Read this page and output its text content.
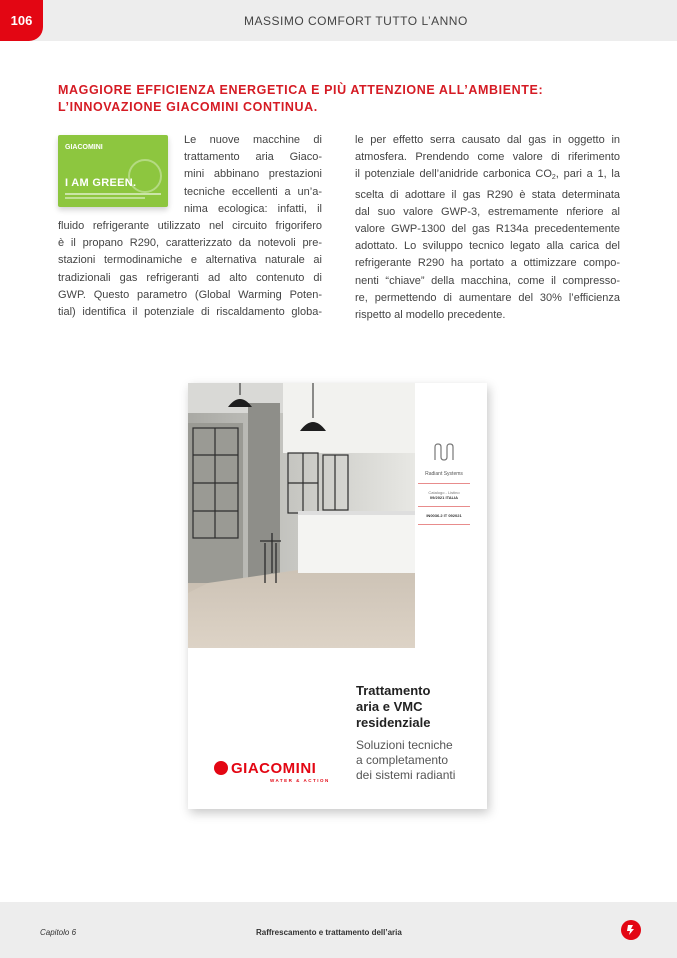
106	MASSIMO COMFORT TUTTO L’ANNO
MAGGIORE EFFICIENZA ENERGETICA E PIÙ ATTENZIONE ALL’AMBIENTE:
L’INNOVAZIONE GIACOMINI CONTINUA.
GIACOMINI
I AM GREEN.

Le nuove macchine di

trattamento aria Giaco-

mini abbinano prestazioni

tecniche eccellenti a un’a-

nima ecologica: infatti, il

fluido refrigerante utilizzato nel circuito frigorifero

è il propano R290, caratterizzato da notevoli pre-

stazioni termodinamiche e alternativa naturale ai

tradizionali gas refrigeranti ad alto contenuto di

GWP. Questo parametro (Global Warming Poten-

tial) identifica il potenziale di riscaldamento globa-

le per effetto serra causato dal gas in oggetto in

atmosfera. Prendendo come valore di riferimento

il potenziale dell’anidride carbonica $CO_2$, pari a 1, la

scelta di adottare il gas R290 è stata determinata

dal suo valore GWP-3, estremamente nferiore al

valore GWP-1300 del gas R134a precedentemente

adottato. Lo sviluppo tecnico legato alla carica del

refrigerante R290 ha portato a ottimizzare compo-

nenti “chiave” della macchina, come il compresso-

re, permettendo di aumentare del 30% l’efficienza

rispetto al modello precedente.

Radiant Systems
Catalogo - Listino
09/2021 ITALIA
IN0036.2 IT 092021
Trattamento
aria e VMC
residenziale
Soluzioni tecniche
a completamento
dei sistemi radianti
GIACOMINI
WATER & ACTION
Capitolo 6	Raffrescamento e trattamento dell’aria
